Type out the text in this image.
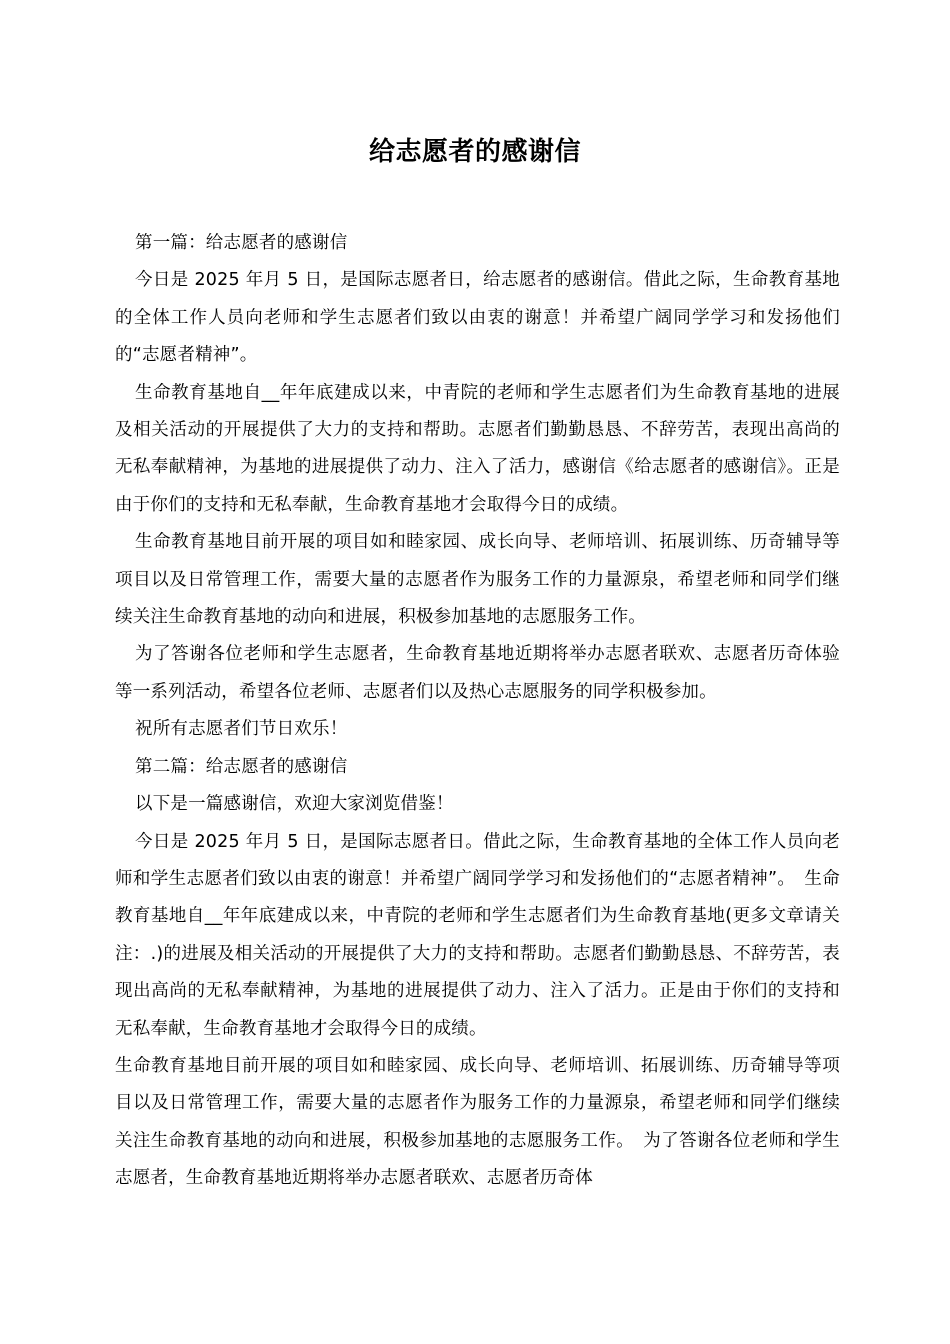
给志愿者的感谢信

第一篇：给志愿者的感谢信

今日是 2025 年月 5 日，是国际志愿者日，给志愿者的感谢信。借此之际，生命教育基地的全体工作人员向老师和学生志愿者们致以由衷的谢意！并希望广阔同学学习和发扬他们的“志愿者精神”。

生命教育基地自__年年底建成以来，中青院的老师和学生志愿者们为生命教育基地的进展及相关活动的开展提供了大力的支持和帮助。志愿者们勤勤恳恳、不辞劳苦，表现出高尚的无私奉献精神，为基地的进展提供了动力、注入了活力，感谢信《给志愿者的感谢信》。正是由于你们的支持和无私奉献，生命教育基地才会取得今日的成绩。

生命教育基地目前开展的项目如和睦家园、成长向导、老师培训、拓展训练、历奇辅导等项目以及日常管理工作，需要大量的志愿者作为服务工作的力量源泉，希望老师和同学们继续关注生命教育基地的动向和进展，积极参加基地的志愿服务工作。

为了答谢各位老师和学生志愿者，生命教育基地近期将举办志愿者联欢、志愿者历奇体验等一系列活动，希望各位老师、志愿者们以及热心志愿服务的同学积极参加。

祝所有志愿者们节日欢乐！

第二篇：给志愿者的感谢信

以下是一篇感谢信，欢迎大家浏览借鉴！

今日是 2025 年月 5 日，是国际志愿者日。借此之际，生命教育基地的全体工作人员向老师和学生志愿者们致以由衷的谢意！并希望广阔同学学习和发扬他们的“志愿者精神”。　生命教育基地自__年年底建成以来，中青院的老师和学生志愿者们为生命教育基地(更多文章请关注：.)的进展及相关活动的开展提供了大力的支持和帮助。志愿者们勤勤恳恳、不辞劳苦，表现出高尚的无私奉献精神，为基地的进展提供了动力、注入了活力。正是由于你们的支持和无私奉献，生命教育基地才会取得今日的成绩。

生命教育基地目前开展的项目如和睦家园、成长向导、老师培训、拓展训练、历奇辅导等项目以及日常管理工作，需要大量的志愿者作为服务工作的力量源泉，希望老师和同学们继续关注生命教育基地的动向和进展，积极参加基地的志愿服务工作。　为了答谢各位老师和学生志愿者，生命教育基地近期将举办志愿者联欢、志愿者历奇体
